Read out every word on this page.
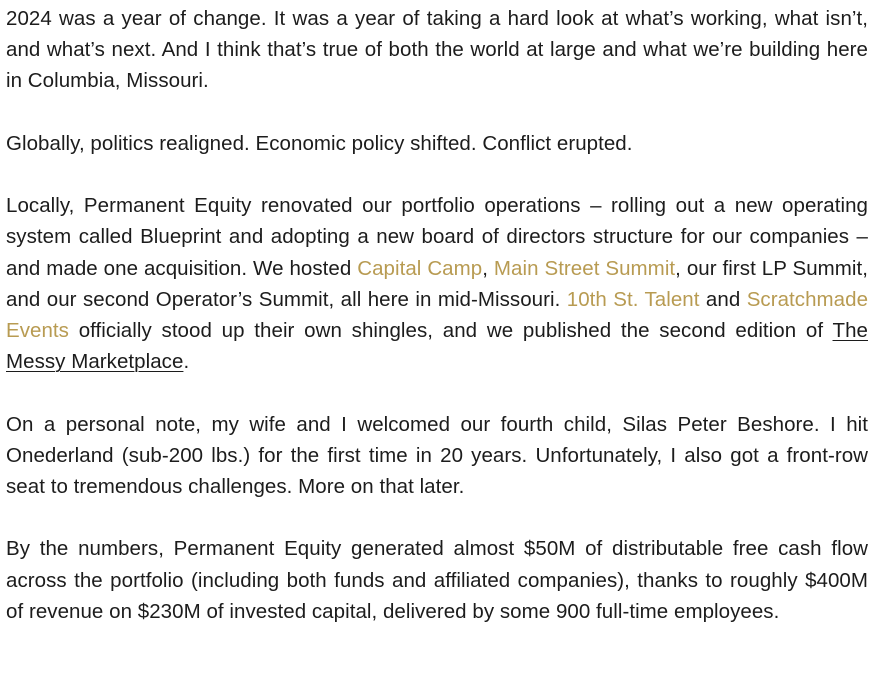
2024 was a year of change. It was a year of taking a hard look at what’s working, what isn’t, and what’s next. And I think that’s true of both the world at large and what we’re building here in Columbia, Missouri.

Globally, politics realigned. Economic policy shifted. Conflict erupted.

Locally, Permanent Equity renovated our portfolio operations – rolling out a new operating system called Blueprint and adopting a new board of directors structure for our companies – and made one acquisition. We hosted Capital Camp, Main Street Summit, our first LP Summit, and our second Operator’s Summit, all here in mid-Missouri. 10th St. Talent and Scratchmade Events officially stood up their own shingles, and we published the second edition of The Messy Marketplace.

On a personal note, my wife and I welcomed our fourth child, Silas Peter Beshore. I hit Onederland (sub-200 lbs.) for the first time in 20 years. Unfortunately, I also got a front-row seat to tremendous challenges. More on that later.

By the numbers, Permanent Equity generated almost $50M of distributable free cash flow across the portfolio (including both funds and affiliated companies), thanks to roughly $400M of revenue on $230M of invested capital, delivered by some 900 full-time employees.
